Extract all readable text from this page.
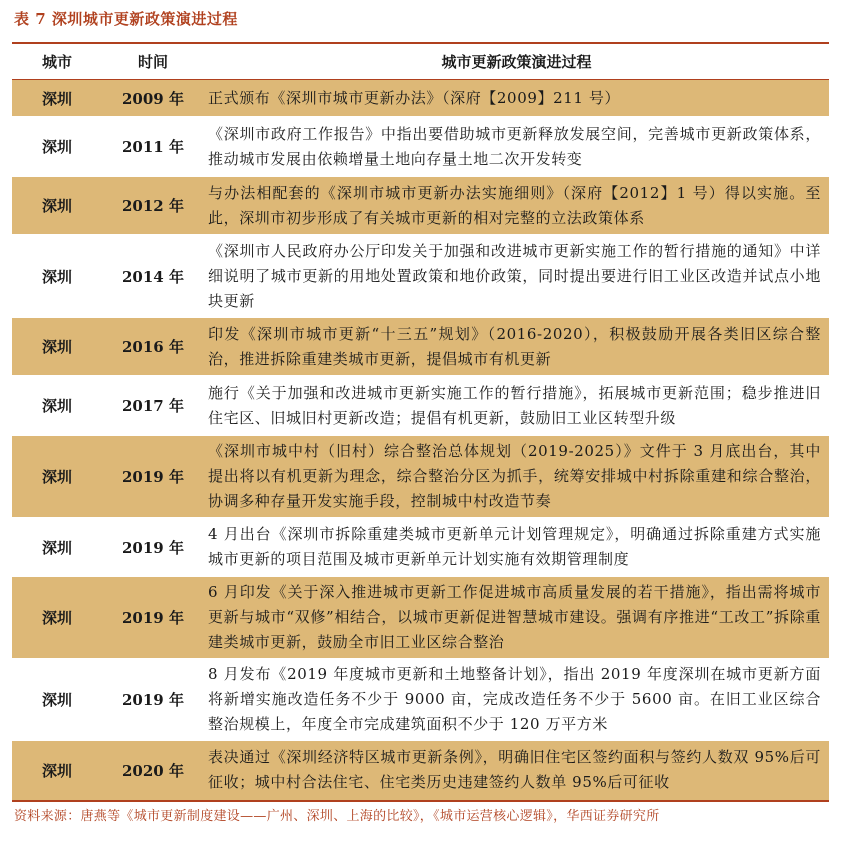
表 7 深圳城市更新政策演进过程
城市	时间	城市更新政策演进过程
深圳	2009 年	正式颁布《深圳市城市更新办法》（深府【2009】211 号）
深圳	2011 年	《深圳市政府工作报告》中指出要借助城市更新释放发展空间，完善城市更新政策体系，推动城市发展由依赖增量土地向存量土地二次开发转变
深圳	2012 年	与办法相配套的《深圳市城市更新办法实施细则》（深府【2012】1 号）得以实施。至此，深圳市初步形成了有关城市更新的相对完整的立法政策体系
深圳	2014 年	《深圳市人民政府办公厅印发关于加强和改进城市更新实施工作的暂行措施的通知》中详细说明了城市更新的用地处置政策和地价政策，同时提出要进行旧工业区改造并试点小地块更新
深圳	2016 年	印发《深圳市城市更新“十三五”规划》（2016-2020），积极鼓励开展各类旧区综合整治，推进拆除重建类城市更新，提倡城市有机更新
深圳	2017 年	施行《关于加强和改进城市更新实施工作的暂行措施》，拓展城市更新范围；稳步推进旧住宅区、旧城旧村更新改造；提倡有机更新，鼓励旧工业区转型升级
深圳	2019 年	《深圳市城中村（旧村）综合整治总体规划（2019-2025）》文件于 3 月底出台，其中提出将以有机更新为理念，综合整治分区为抓手，统筹安排城中村拆除重建和综合整治，协调多种存量开发实施手段，控制城中村改造节奏
深圳	2019 年	4 月出台《深圳市拆除重建类城市更新单元计划管理规定》，明确通过拆除重建方式实施城市更新的项目范围及城市更新单元计划实施有效期管理制度
深圳	2019 年	6 月印发《关于深入推进城市更新工作促进城市高质量发展的若干措施》，指出需将城市更新与城市“双修”相结合，以城市更新促进智慧城市建设。强调有序推进“工改工”拆除重建类城市更新，鼓励全市旧工业区综合整治
深圳	2019 年	8 月发布《2019 年度城市更新和土地整备计划》，指出 2019 年度深圳在城市更新方面将新增实施改造任务不少于 9000 亩，完成改造任务不少于 5600 亩。在旧工业区综合整治规模上，年度全市完成建筑面积不少于 120 万平方米
深圳	2020 年	表决通过《深圳经济特区城市更新条例》，明确旧住宅区签约面积与签约人数双 95%后可征收；城中村合法住宅、住宅类历史违建签约人数单 95%后可征收
资料来源：唐燕等《城市更新制度建设——广州、深圳、上海的比较》，《城市运营核心逻辑》，华西证券研究所
